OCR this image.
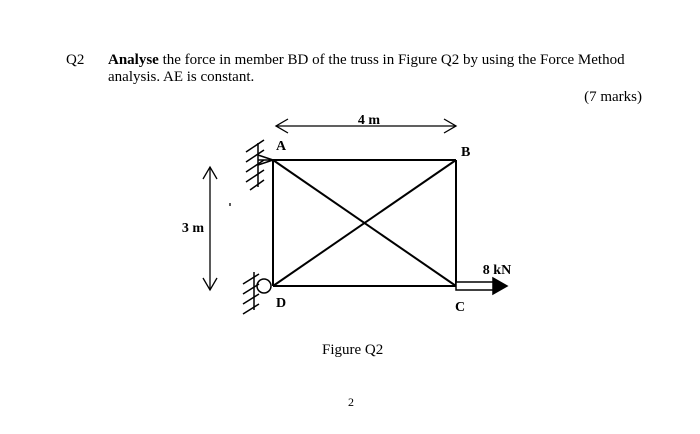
Q2 Analyse the force in member BD of the truss in Figure Q2 by using the Force Method analysis. AE is constant.
(7 marks)
4 m
3 m
8 kN
A	B
C
D
Figure Q2
2
